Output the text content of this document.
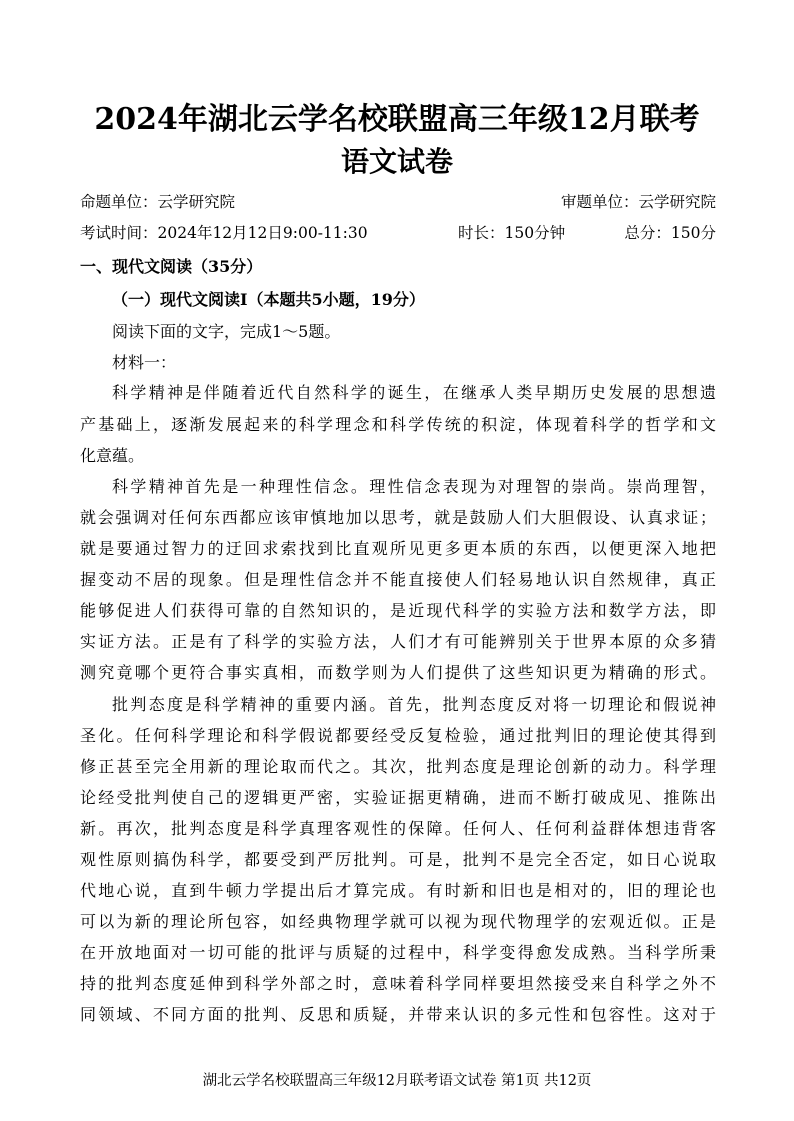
2024年湖北云学名校联盟高三年级12月联考
语文试卷
命题单位：云学研究院	审题单位：云学研究院
考试时间：2024年12月12日9:00-11:30	时长：150分钟	总分：150分
一、现代文阅读（35分）
（一）现代文阅读Ⅰ（本题共5小题，19分）
阅读下面的文字，完成1～5题。
材料一：
科学精神是伴随着近代自然科学的诞生，在继承人类早期历史发展的思想遗
产基础上，逐渐发展起来的科学理念和科学传统的积淀，体现着科学的哲学和文
化意蕴。
科学精神首先是一种理性信念。理性信念表现为对理智的崇尚。崇尚理智，
就会强调对任何东西都应该审慎地加以思考，就是鼓励人们大胆假设、认真求证；
就是要通过智力的迂回求索找到比直观所见更多更本质的东西，以便更深入地把
握变动不居的现象。但是理性信念并不能直接使人们轻易地认识自然规律，真正
能够促进人们获得可靠的自然知识的，是近现代科学的实验方法和数学方法，即
实证方法。正是有了科学的实验方法，人们才有可能辨别关于世界本原的众多猜
测究竟哪个更符合事实真相，而数学则为人们提供了这些知识更为精确的形式。
批判态度是科学精神的重要内涵。首先，批判态度反对将一切理论和假说神
圣化。任何科学理论和科学假说都要经受反复检验，通过批判旧的理论使其得到
修正甚至完全用新的理论取而代之。其次，批判态度是理论创新的动力。科学理
论经受批判使自己的逻辑更严密，实验证据更精确，进而不断打破成见、推陈出
新。再次，批判态度是科学真理客观性的保障。任何人、任何利益群体想违背客
观性原则搞伪科学，都要受到严厉批判。可是，批判不是完全否定，如日心说取
代地心说，直到牛顿力学提出后才算完成。有时新和旧也是相对的，旧的理论也
可以为新的理论所包容，如经典物理学就可以视为现代物理学的宏观近似。正是
在开放地面对一切可能的批评与质疑的过程中，科学变得愈发成熟。当科学所秉
持的批判态度延伸到科学外部之时，意味着科学同样要坦然接受来自科学之外不
同领域、不同方面的批判、反思和质疑，并带来认识的多元性和包容性。这对于
湖北云学名校联盟高三年级12月联考语文试卷 第1页 共12页
